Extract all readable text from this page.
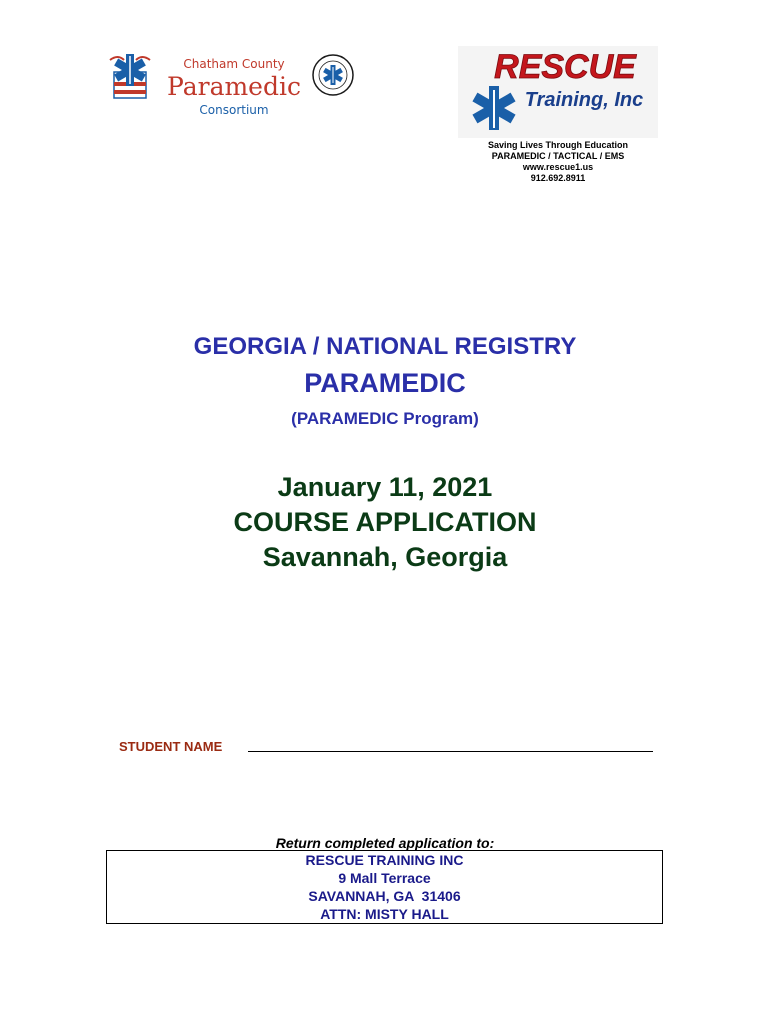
Chatham County
Paramedic
Consortium
RESCUE
Training, Inc
Saving Lives Through Education
PARAMEDIC / TACTICAL / EMS
www.rescue1.us
912.692.8911
GEORGIA / NATIONAL REGISTRY
PARAMEDIC
(PARAMEDIC Program)
January 11, 2021
COURSE APPLICATION
Savannah, Georgia
STUDENT NAME
Return completed application to:
RESCUE TRAINING INC
9 Mall Terrace
SAVANNAH, GA  31406
ATTN: MISTY HALL
